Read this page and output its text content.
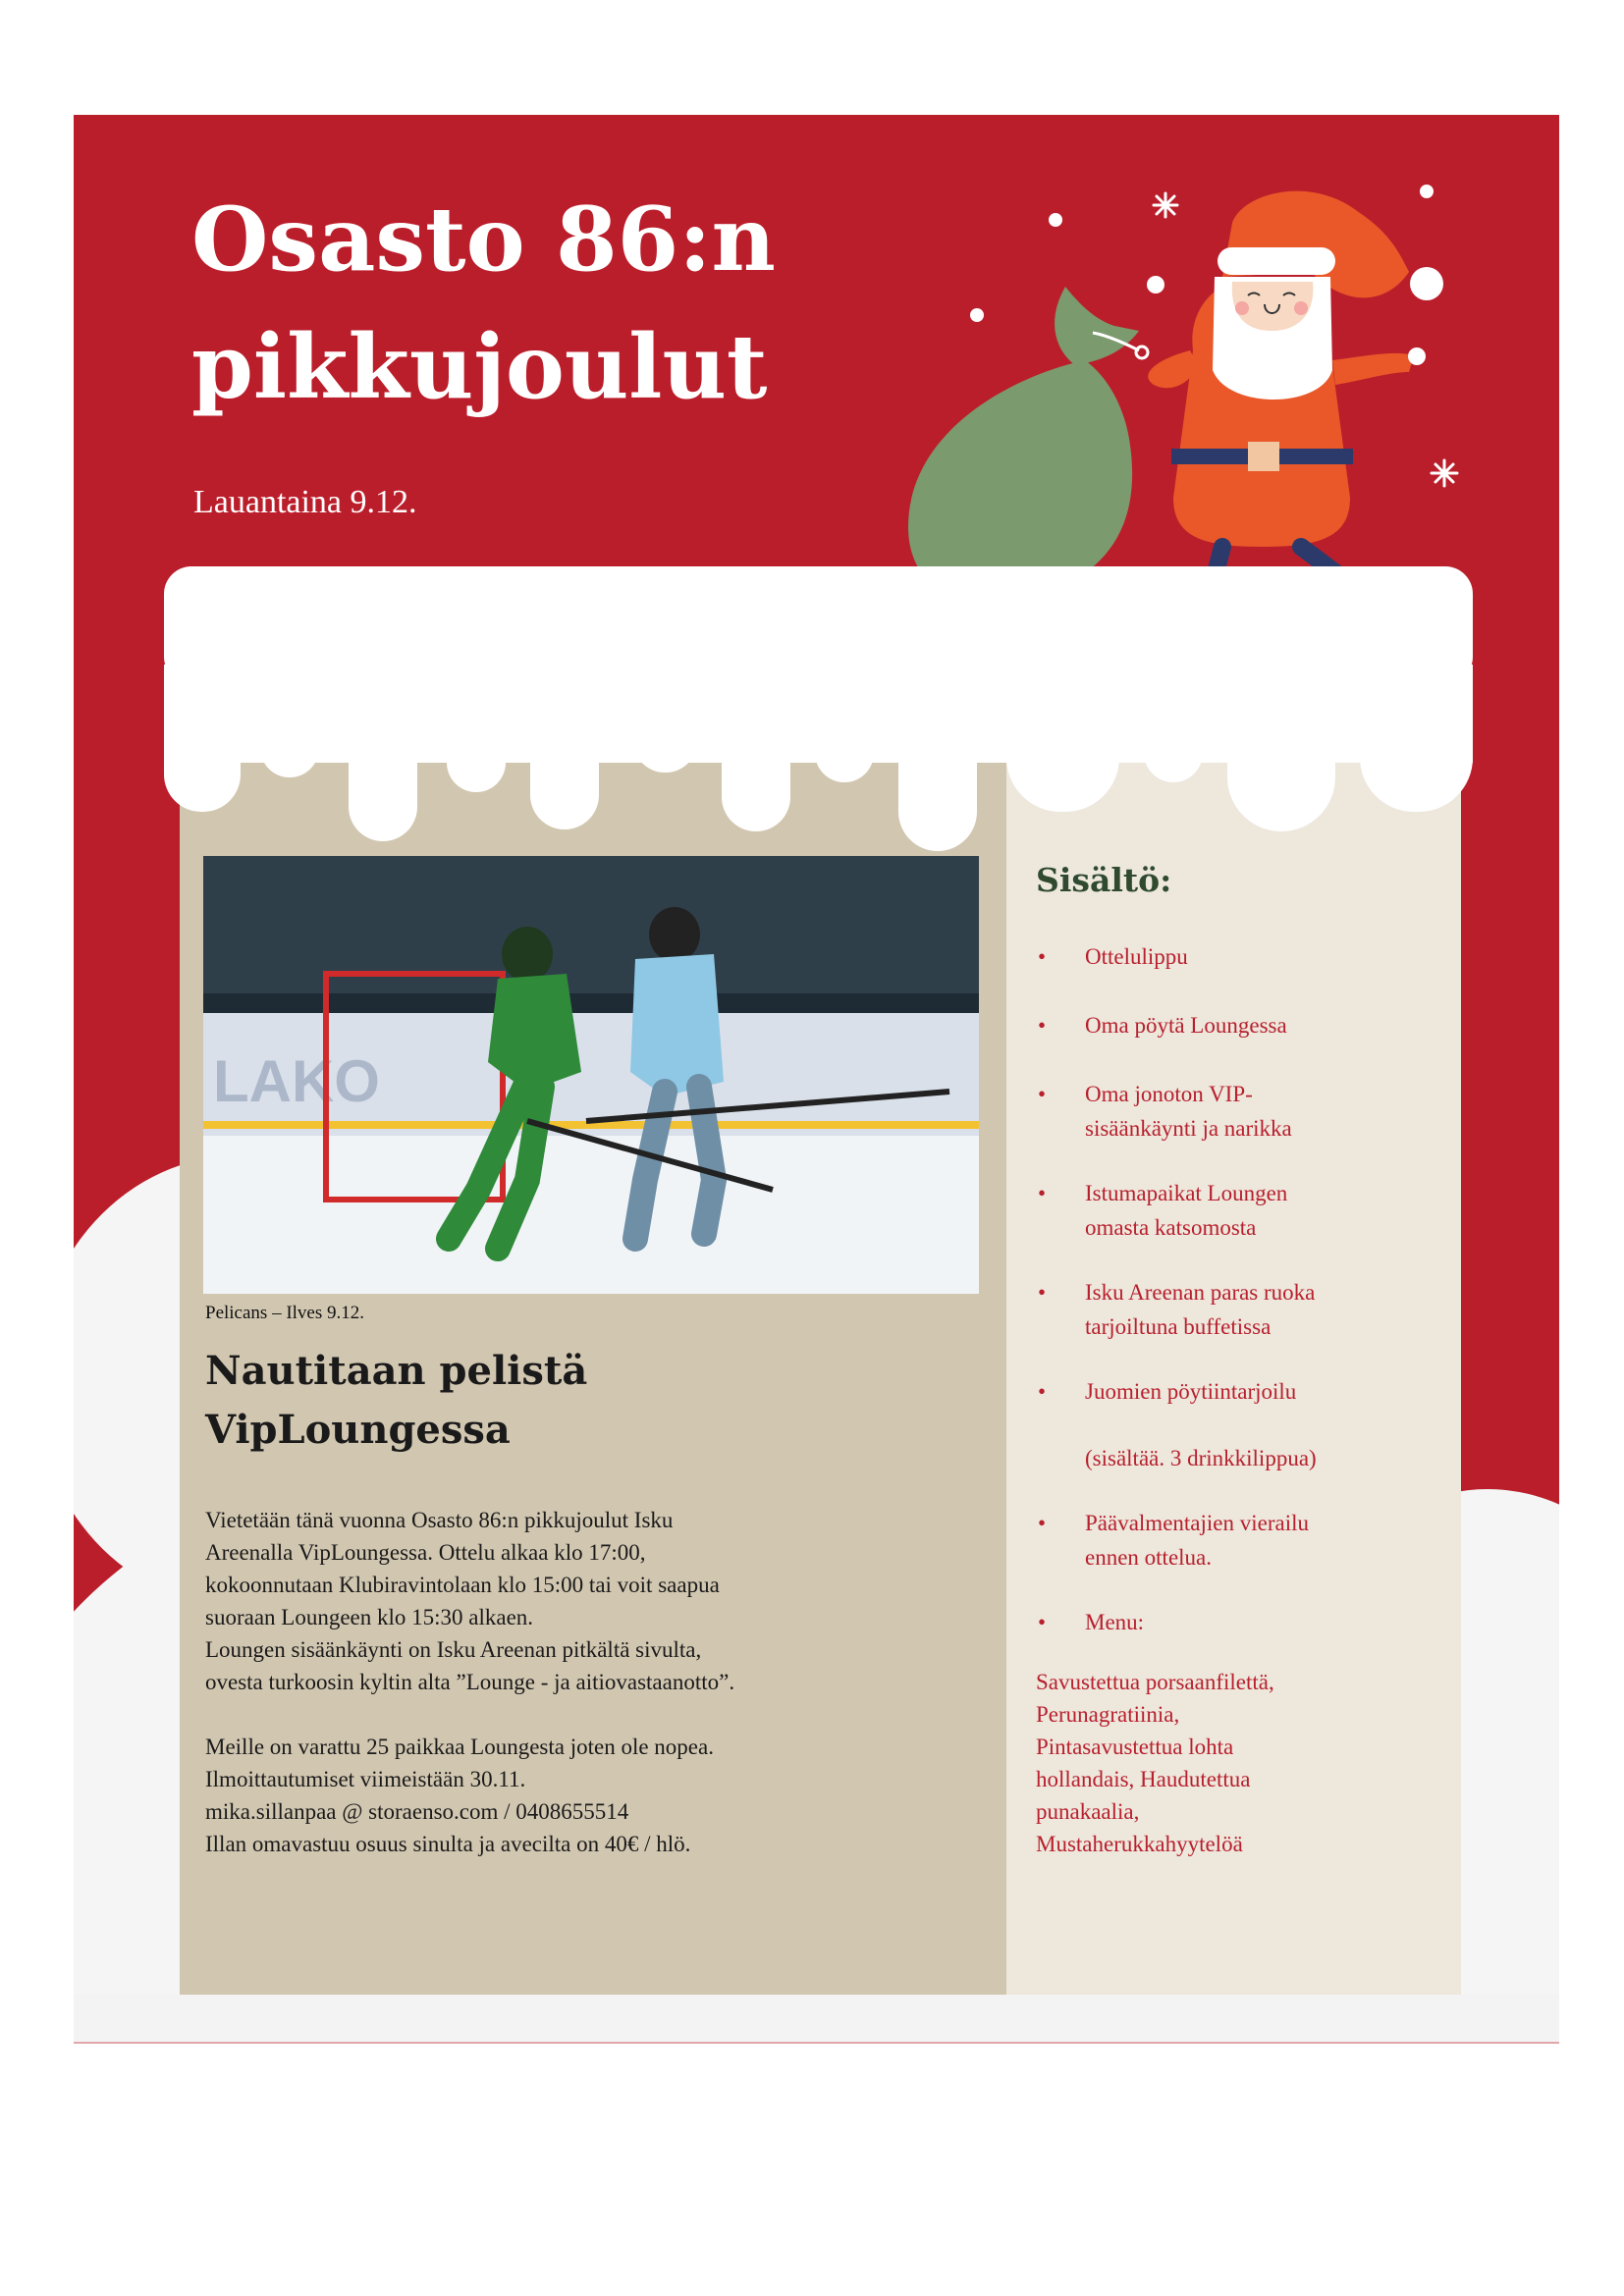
Osasto 86:n
pikkujoulut

Lauantaina 9.12.

LAKO

Pelicans – Ilves 9.12.

Nautitaan pelistä
VipLoungessa
Vietetään tänä vuonna Osasto 86:n pikkujoulut Isku
Areenalla VipLoungessa. Ottelu alkaa klo 17:00,
kokoonnutaan Klubiravintolaan klo 15:00 tai voit saapua
suoraan Loungeen klo 15:30 alkaen.
Loungen sisäänkäynti on Isku Areenan pitkältä sivulta,
ovesta turkoosin kyltin alta ”Lounge - ja aitiovastaanotto”.
Meille on varattu 25 paikkaa Loungesta joten ole nopea.
Ilmoittautumiset viimeistään 30.11.
mika.sillanpaa @ storaenso.com / 0408655514
Illan omavastuu osuus sinulta ja avecilta on 40€ / hlö.
Sisältö:
• Ottelulippu
• Oma pöytä Loungessa
• Oma jonoton VIP-
sisäänkäynti ja narikka
• Istumapaikat Loungen
omasta katsomosta
• Isku Areenan paras ruoka
tarjoiltuna buffetissa
• Juomien pöytiintarjoilu
(sisältää. 3 drinkkilippua)
• Päävalmentajien vierailu
ennen ottelua.
• Menu:
Savustettua porsaanfilettä,
Perunagratiinia,
Pintasavustettua lohta
hollandais, Haudutettua
punakaalia,
Mustaherukkahyytelöä
